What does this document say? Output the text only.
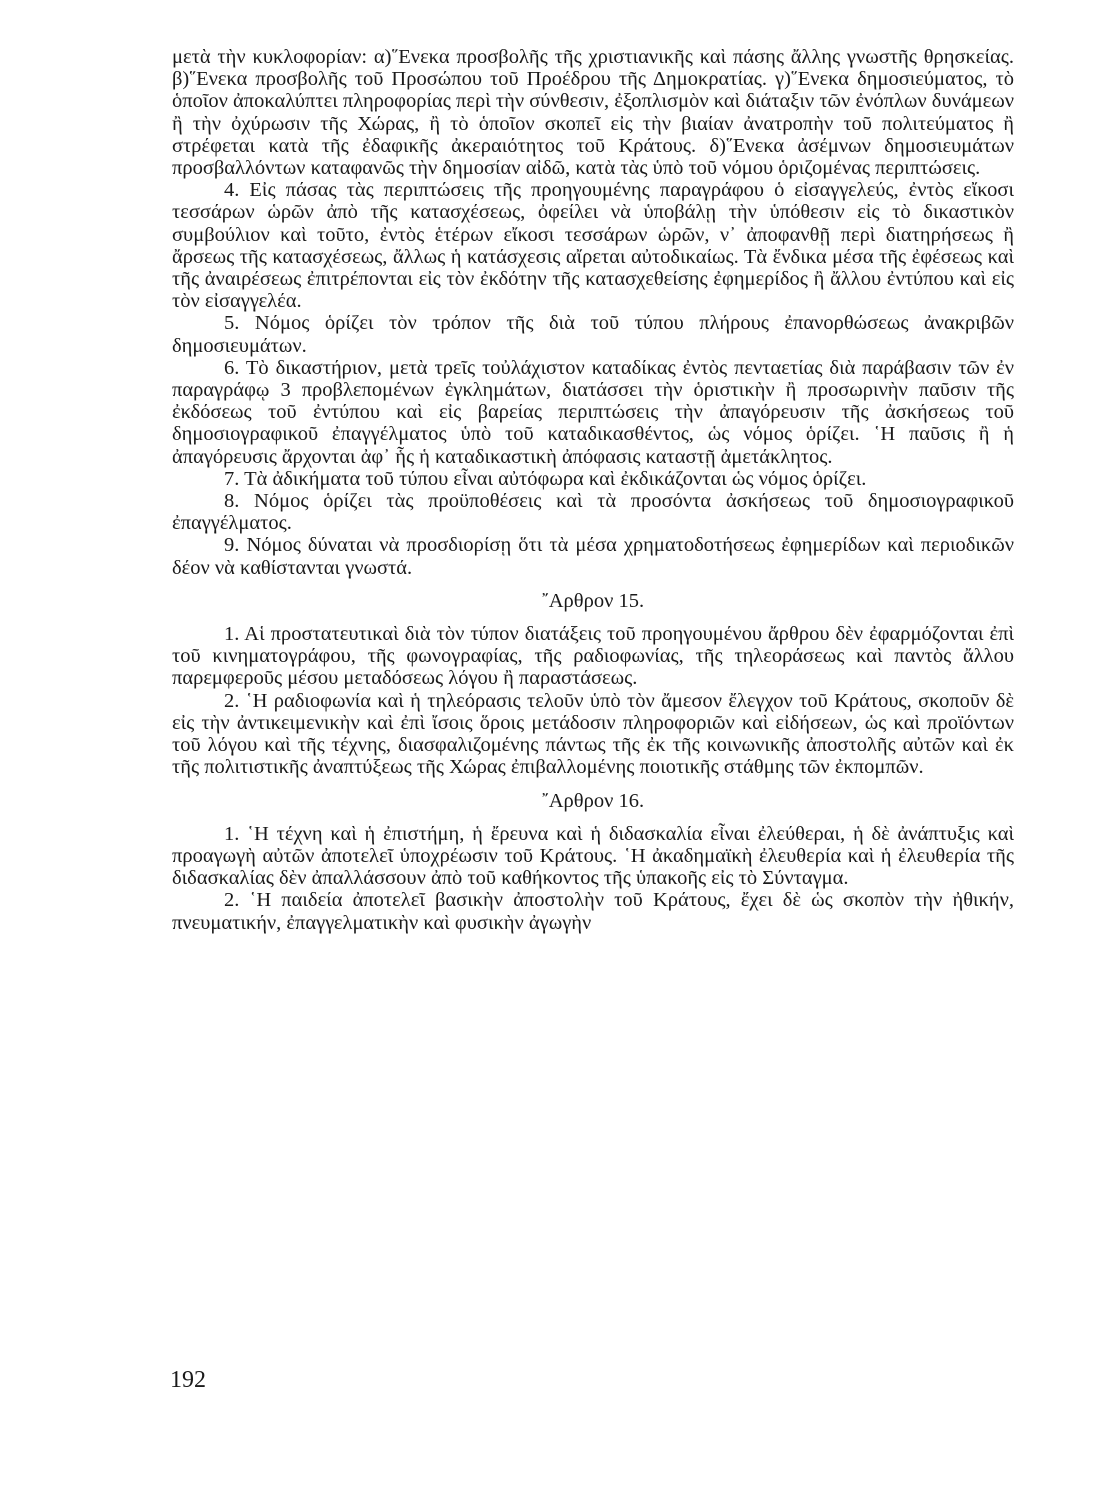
μετὰ τὴν κυκλοφορίαν: α)῞Ενεκα προσβολῆς τῆς χριστιανικῆς καὶ πάσης ἄλλης γνωστῆς θρησκείας. β)῞Ενεκα προσβολῆς τοῦ Προσώπου τοῦ Προέδρου τῆς Δημοκρατίας. γ)῞Ενεκα δημοσιεύματος, τὸ ὁποῖον ἀποκαλύπτει πληροφορίας περὶ τὴν σύνθεσιν, ἐξοπλισμὸν καὶ διάταξιν τῶν ἐνόπλων δυνάμεων ἢ τὴν ὀχύρωσιν τῆς Χώρας, ἢ τὸ ὁποῖον σκοπεῖ εἰς τὴν βιαίαν ἀνατροπὴν τοῦ πολιτεύματος ἢ στρέφεται κατὰ τῆς ἐδαφικῆς ἀκεραιότητος τοῦ Κράτους. δ)῞Ενεκα ἀσέμνων δημοσιευμάτων προσβαλλόντων καταφανῶς τὴν δημοσίαν αἰδῶ, κατὰ τὰς ὑπὸ τοῦ νόμου ὁριζομένας περιπτώσεις.

4. Εἰς πάσας τὰς περιπτώσεις τῆς προηγουμένης παραγράφου ὁ εἰσαγγελεύς, ἐντὸς εἴκοσι τεσσάρων ὡρῶν ἀπὸ τῆς κατασχέσεως, ὀφείλει νὰ ὑποβάλῃ τὴν ὑπόθεσιν εἰς τὸ δικαστικὸν συμβούλιον καὶ τοῦτο, ἐντὸς ἑτέρων εἴκοσι τεσσάρων ὡρῶν, ν᾿ ἀποφανθῇ περὶ διατηρήσεως ἢ ἄρσεως τῆς κατασχέσεως, ἄλλως ἡ κατάσχεσις αἴρεται αὐτοδικαίως. Τὰ ἔνδικα μέσα τῆς ἐφέσεως καὶ τῆς ἀναιρέσεως ἐπιτρέπονται εἰς τὸν ἐκδότην τῆς κατασχεθείσης ἐφημερίδος ἢ ἄλλου ἐντύπου καὶ εἰς τὸν εἰσαγγελέα.

5. Νόμος ὁρίζει τὸν τρόπον τῆς διὰ τοῦ τύπου πλήρους ἐπανορθώσεως ἀνακριβῶν δημοσιευμάτων.

6. Τὸ δικαστήριον, μετὰ τρεῖς τοὐλάχιστον καταδίκας ἐντὸς πενταετίας διὰ παράβασιν τῶν ἐν παραγράφῳ 3 προβλεπομένων ἐγκλημάτων, διατάσσει τὴν ὁριστικὴν ἢ προσωρινὴν παῦσιν τῆς ἐκδόσεως τοῦ ἐντύπου καὶ εἰς βαρείας περιπτώσεις τὴν ἀπαγόρευσιν τῆς ἀσκήσεως τοῦ δημοσιογραφικοῦ ἐπαγγέλματος ὑπὸ τοῦ καταδικασθέντος, ὡς νόμος ὁρίζει. ῾Η παῦσις ἢ ἡ ἀπαγόρευσις ἄρχονται ἀφ᾿ ἧς ἡ καταδικαστικὴ ἀπόφασις καταστῇ ἀμετάκλητος.

7. Τὰ ἀδικήματα τοῦ τύπου εἶναι αὐτόφωρα καὶ ἐκδικάζονται ὡς νόμος ὁρίζει.

8. Νόμος ὁρίζει τὰς προϋποθέσεις καὶ τὰ προσόντα ἀσκήσεως τοῦ δημοσιογραφικοῦ ἐπαγγέλματος.

9. Νόμος δύναται νὰ προσδιορίσῃ ὅτι τὰ μέσα χρηματοδοτήσεως ἐφημερίδων καὶ περιοδικῶν δέον νὰ καθίστανται γνωστά.

῎Αρθρον 15.

1. Αἱ προστατευτικαὶ διὰ τὸν τύπον διατάξεις τοῦ προηγουμένου ἄρθρου δὲν ἐφαρμόζονται ἐπὶ τοῦ κινηματογράφου, τῆς φωνογραφίας, τῆς ραδιοφωνίας, τῆς τηλεοράσεως καὶ παντὸς ἄλλου παρεμφεροῦς μέσου μεταδόσεως λόγου ἢ παραστάσεως.

2. ῾Η ραδιοφωνία καὶ ἡ τηλεόρασις τελοῦν ὑπὸ τὸν ἄμεσον ἔλεγχον τοῦ Κράτους, σκοποῦν δὲ εἰς τὴν ἀντικειμενικὴν καὶ ἐπὶ ἴσοις ὅροις μετάδοσιν πληροφοριῶν καὶ εἰδήσεων, ὡς καὶ προϊόντων τοῦ λόγου καὶ τῆς τέχνης, διασφαλιζομένης πάντως τῆς ἐκ τῆς κοινωνικῆς ἀποστολῆς αὐτῶν καὶ ἐκ τῆς πολιτιστικῆς ἀναπτύξεως τῆς Χώρας ἐπιβαλλομένης ποιοτικῆς στάθμης τῶν ἐκπομπῶν.

῎Αρθρον 16.

1. ῾Η τέχνη καὶ ἡ ἐπιστήμη, ἡ ἔρευνα καὶ ἡ διδασκαλία εἶναι ἐλεύθεραι, ἡ δὲ ἀνάπτυξις καὶ προαγωγὴ αὐτῶν ἀποτελεῖ ὑποχρέωσιν τοῦ Κράτους. ῾Η ἀκαδημαϊκὴ ἐλευθερία καὶ ἡ ἐλευθερία τῆς διδασκαλίας δὲν ἀπαλλάσσουν ἀπὸ τοῦ καθήκοντος τῆς ὑπακοῆς εἰς τὸ Σύνταγμα.

2. ῾Η παιδεία ἀποτελεῖ βασικὴν ἀποστολὴν τοῦ Κράτους, ἔχει δὲ ὡς σκοπὸν τὴν ἠθικήν, πνευματικήν, ἐπαγγελματικὴν καὶ φυσικὴν ἀγωγὴν

192
